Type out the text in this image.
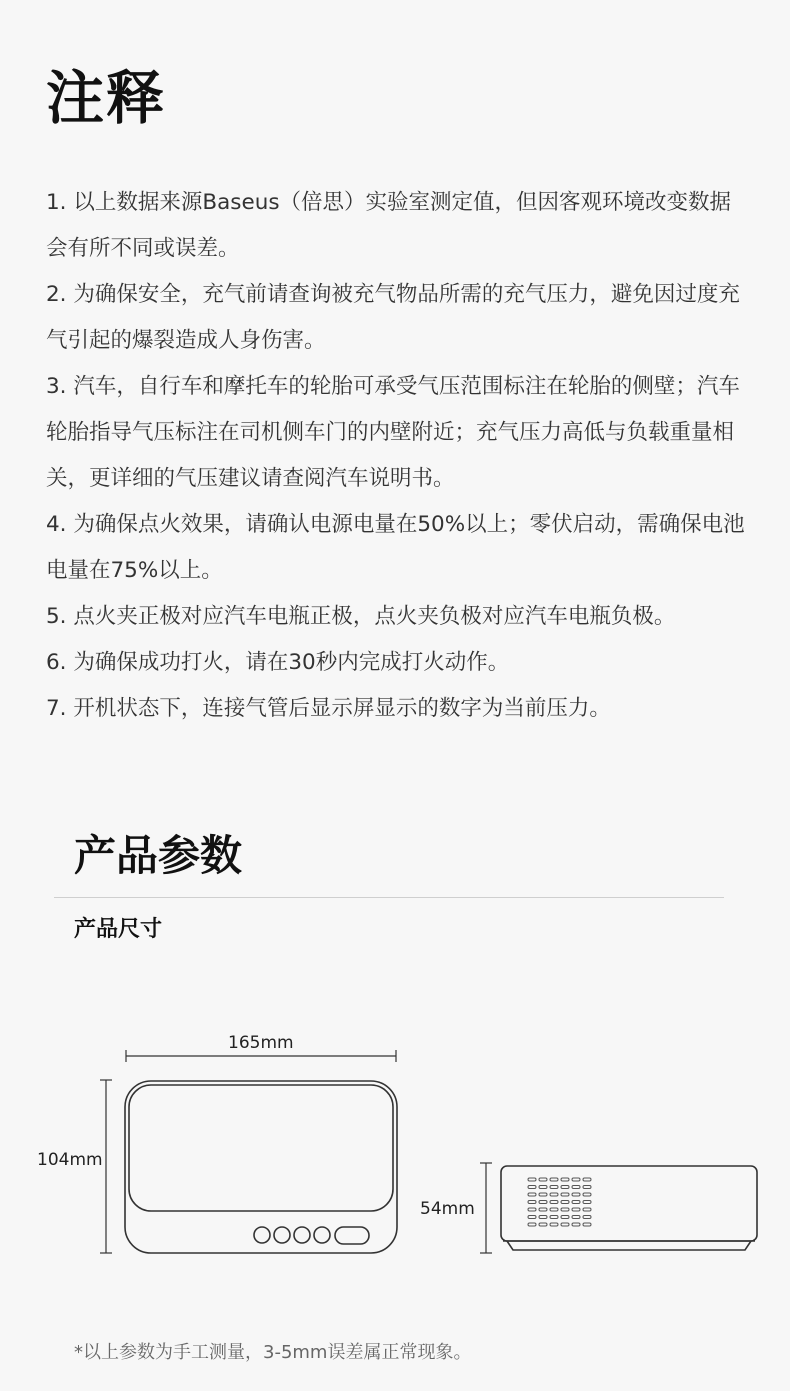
注释

1. 以上数据来源Baseus（倍思）实验室测定值，但因客观环境改变数据会有所不同或误差。

2. 为确保安全，充气前请查询被充气物品所需的充气压力，避免因过度充气引起的爆裂造成人身伤害。

3. 汽车，自行车和摩托车的轮胎可承受气压范围标注在轮胎的侧壁；汽车轮胎指导气压标注在司机侧车门的内壁附近；充气压力高低与负载重量相关，更详细的气压建议请查阅汽车说明书。

4. 为确保点火效果，请确认电源电量在50%以上；零伏启动，需确保电池电量在75%以上。

5. 点火夹正极对应汽车电瓶正极，点火夹负极对应汽车电瓶负极。

6. 为确保成功打火，请在30秒内完成打火动作。

7. 开机状态下，连接气管后显示屏显示的数字为当前压力。

产品参数
产品尺寸
165mm
104mm
54mm

*以上参数为手工测量，3-5mm误差属正常现象。
